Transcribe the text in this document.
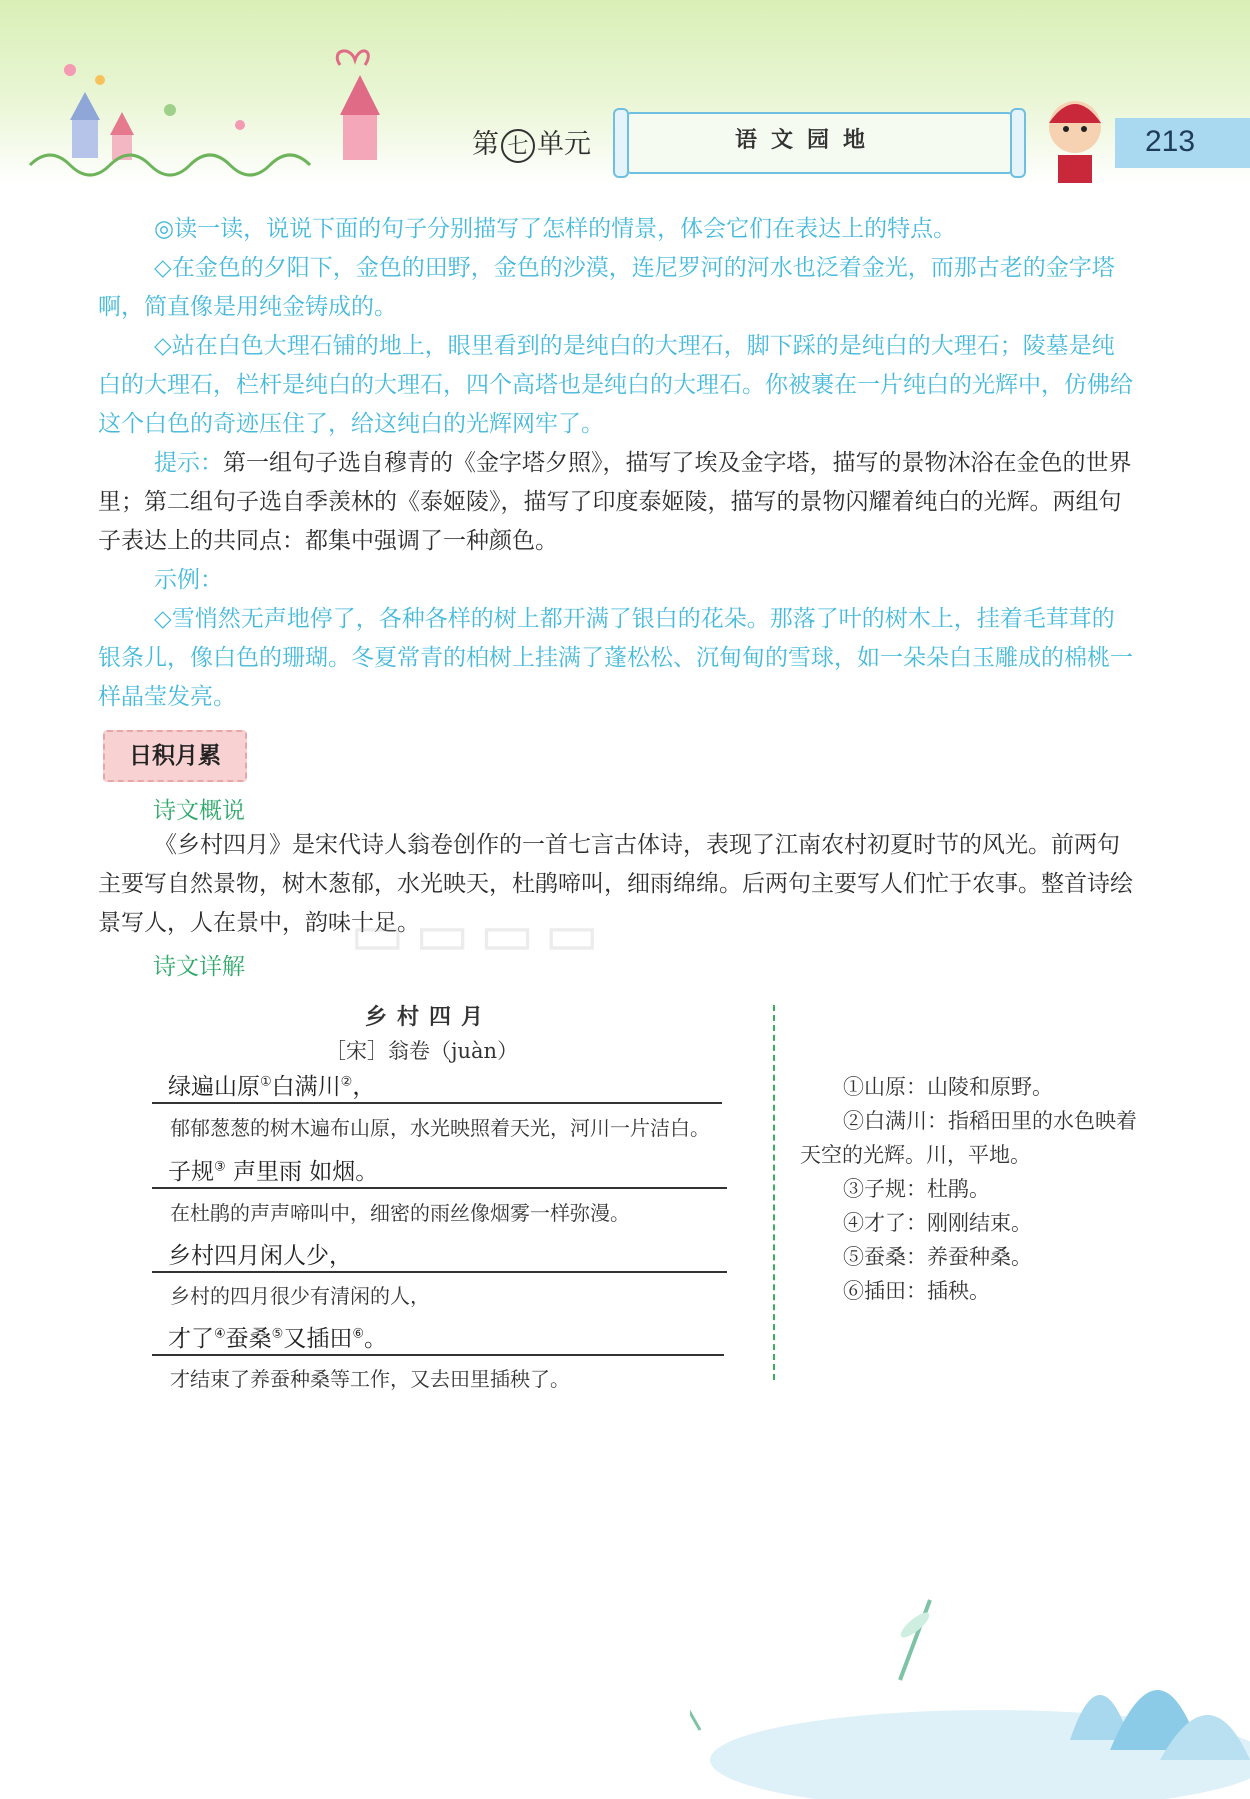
第 七 单元	语文园地	213
◎读一读，说说下面的句子分别描写了怎样的情景，体会它们在表达上的特点。
◇在金色的夕阳下，金色的田野，金色的沙漠，连尼罗河的河水也泛着金光，而那古老的金字塔啊，简直像是用纯金铸成的。
◇站在白色大理石铺的地上，眼里看到的是纯白的大理石，脚下踩的是纯白的大理石；陵墓是纯白的大理石，栏杆是纯白的大理石，四个高塔也是纯白的大理石。你被裹在一片纯白的光辉中，仿佛给这个白色的奇迹压住了，给这纯白的光辉网牢了。
提示：第一组句子选自穆青的《金字塔夕照》，描写了埃及金字塔，描写的景物沐浴在金色的世界里；第二组句子选自季羡林的《泰姬陵》，描写了印度泰姬陵，描写的景物闪耀着纯白的光辉。两组句子表达上的共同点：都集中强调了一种颜色。
示例：
◇雪悄然无声地停了，各种各样的树上都开满了银白的花朵。那落了叶的树木上，挂着毛茸茸的银条儿，像白色的珊瑚。冬夏常青的柏树上挂满了蓬松松、沉甸甸的雪球，如一朵朵白玉雕成的棉桃一样晶莹发亮。
日积月累
诗文概说
《乡村四月》是宋代诗人翁卷创作的一首七言古体诗，表现了江南农村初夏时节的风光。前两句主要写自然景物，树木葱郁，水光映天，杜鹃啼叫，细雨绵绵。后两句主要写人们忙于农事。整首诗绘景写人，人在景中，韵味十足。
诗文详解 ▭▭▭▭
乡村四月
［宋］翁卷（juàn）
绿遍山原①白满川②，
郁郁葱葱的树木遍布山原，水光映照着天光，河川一片洁白。
子规③ 声里雨 如烟。
在杜鹃的声声啼叫中，细密的雨丝像烟雾一样弥漫。
乡村四月闲人少，
乡村的四月很少有清闲的人，
才了④蚕桑⑤又插田⑥。
才结束了养蚕种桑等工作，又去田里插秧了。
①山原：山陵和原野。
②白满川：指稻田里的水色映着天空的光辉。川，平地。
③子规：杜鹃。
④才了：刚刚结束。
⑤蚕桑：养蚕种桑。
⑥插田：插秧。
